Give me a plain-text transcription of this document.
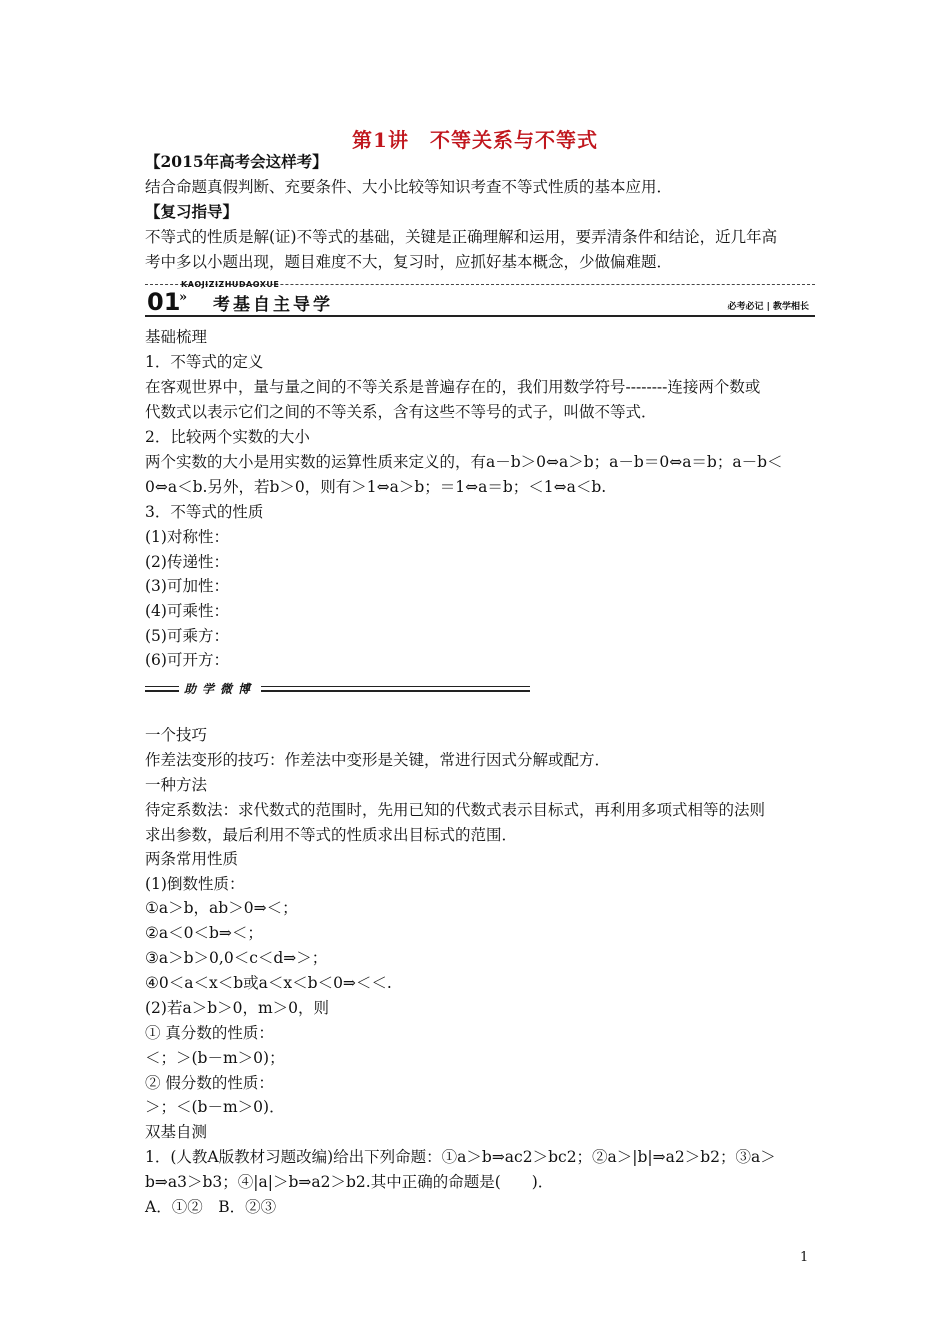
第1讲　不等关系与不等式
【2015年高考会这样考】
结合命题真假判断、充要条件、大小比较等知识考查不等式性质的基本应用．
【复习指导】
不等式的性质是解(证)不等式的基础，关键是正确理解和运用，要弄清条件和结论，近几年高
考中多以小题出现，题目难度不大，复习时，应抓好基本概念，少做偏难题．
KAOJIZIZHUDAOXUE
01
» 考基自主导学	必考必记 | 教学相长
基础梳理
1．不等式的定义
在客观世界中，量与量之间的不等关系是普遍存在的，我们用数学符号--------连接两个数或
代数式以表示它们之间的不等关系，含有这些不等号的式子，叫做不等式．
2．比较两个实数的大小
两个实数的大小是用实数的运算性质来定义的，有a－b＞0⇔a＞b；a－b＝0⇔a＝b；a－b＜
0⇔a＜b.另外，若b＞0，则有＞1⇔a＞b；＝1⇔a＝b；＜1⇔a＜b.
3．不等式的性质
(1)对称性：
(2)传递性：
(3)可加性：
(4)可乘性：
(5)可乘方：
(6)可开方：
助学微博
一个技巧
作差法变形的技巧：作差法中变形是关键，常进行因式分解或配方．
一种方法
待定系数法：求代数式的范围时，先用已知的代数式表示目标式，再利用多项式相等的法则
求出参数，最后利用不等式的性质求出目标式的范围．
两条常用性质
(1)倒数性质：
①a＞b，ab＞0⇒＜；
②a＜0＜b⇒＜；
③a＞b＞0,0＜c＜d⇒＞；
④0＜a＜x＜b或a＜x＜b＜0⇒＜＜.
(2)若a＞b＞0，m＞0，则
① 真分数的性质：
＜；＞(b－m＞0)；
② 假分数的性质：
＞；＜(b－m＞0)．
双基自测
1．(人教A版教材习题改编)给出下列命题：①a＞b⇒ac2＞bc2；②a＞|b|⇒a2＞b2；③a＞
b⇒a3＞b3；④|a|＞b⇒a2＞b2.其中正确的命题是(　　)．
A．①②　B．②③
1
